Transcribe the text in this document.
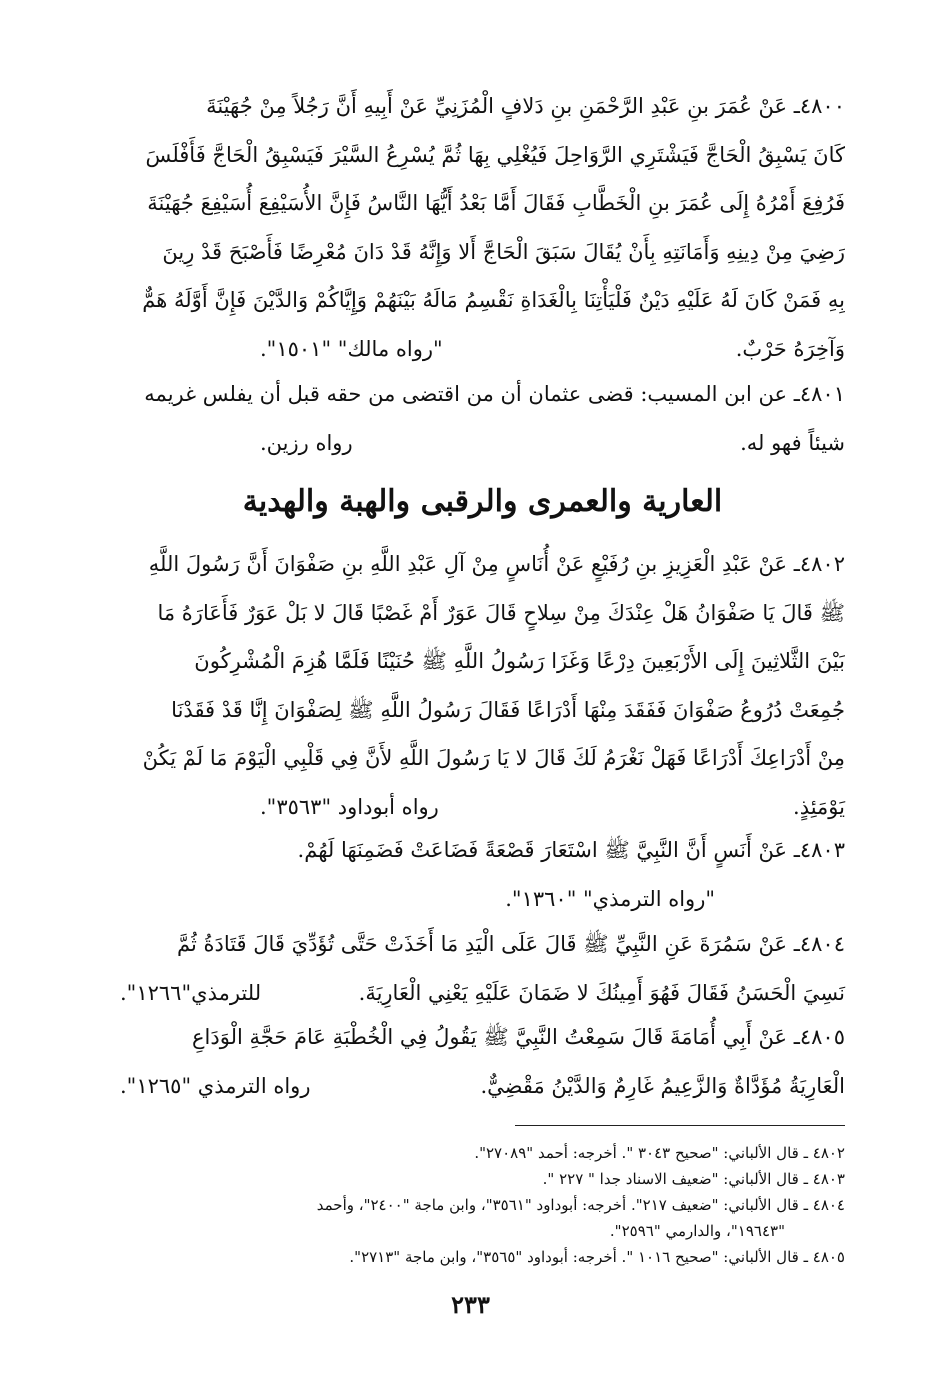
٤٨٠٠ـ عَنْ عُمَرَ بنِ عَبْدِ الرَّحْمَنِ بنِ دَلافٍ الْمُزَنِيِّ عَنْ أَبِيهِ أَنَّ رَجُلاً مِنْ جُهَيْنَةَ
كَانَ يَسْبِقُ الْحَاجَّ فَيَشْتَرِي الرَّوَاحِلَ فَيُغْلِي بِهَا ثُمَّ يُسْرِعُ السَّيْرَ فَيَسْبِقُ الْحَاجَّ فَأَفْلَسَ
فَرُفِعَ أَمْرُهُ إِلَى عُمَرَ بنِ الْخَطَّابِ فَقَالَ أَمَّا بَعْدُ أَيُّهَا النَّاسُ فَإِنَّ الأُسَيْفِعَ أُسَيْفِعَ جُهَيْنَةَ
رَضِيَ مِنْ دِينِهِ وَأَمَانَتِهِ بِأَنْ يُقَالَ سَبَقَ الْحَاجَّ أَلا وَإِنَّهُ قَدْ دَانَ مُعْرِضًا فَأَصْبَحَ قَدْ رِينَ
بِهِ فَمَنْ كَانَ لَهُ عَلَيْهِ دَيْنٌ فَلْيَأْتِنَا بِالْغَدَاةِ نَقْسِمُ مَالَهُ بَيْنَهُمْ وَإِيَّاكُمْ وَالدَّيْنَ فَإِنَّ أَوَّلَهُ هَمٌّ
وَآخِرَهُ حَرْبٌ.
"رواه مالك" "١٥٠١".
٤٨٠١ـ عن ابن المسيب: قضى عثمان أن من اقتضى من حقه قبل أن يفلس غريمه
شيئاً فهو له.
رواه رزين.
العارية والعمرى والرقبى والهبة والهدية
٤٨٠٢ـ عَنْ عَبْدِ الْعَزِيزِ بنِ رُفَيْعٍ عَنْ أُنَاسٍ مِنْ آلِ عَبْدِ اللَّهِ بنِ صَفْوَانَ أَنَّ رَسُولَ اللَّهِ
ﷺ قَالَ يَا صَفْوَانُ هَلْ عِنْدَكَ مِنْ سِلاحٍ قَالَ عَوَرٌ أَمْ غَصْبًا قَالَ لا بَلْ عَوَرٌ فَأَعَارَهُ مَا
بَيْنَ الثَّلاثِينَ إِلَى الأَرْبَعِينَ دِرْعًا وَغَزَا رَسُولُ اللَّهِ ﷺ حُنَيْنًا فَلَمَّا هُزِمَ الْمُشْرِكُونَ
جُمِعَتْ دُرُوعُ صَفْوَانَ فَفَقَدَ مِنْهَا أَدْرَاعًا فَقَالَ رَسُولُ اللَّهِ ﷺ لِصَفْوَانَ إِنَّا قَدْ فَقَدْنَا
مِنْ أَدْرَاعِكَ أَدْرَاعًا فَهَلْ نَغْرَمُ لَكَ قَالَ لا يَا رَسُولَ اللَّهِ لأَنَّ فِي قَلْبِي الْيَوْمَ مَا لَمْ يَكُنْ
يَوْمَئِذٍ.
رواه أبوداود "٣٥٦٣".
٤٨٠٣ـ عَنْ أَنَسٍ أَنَّ النَّبِيَّ ﷺ اسْتَعَارَ قَصْعَةً فَضَاعَتْ فَضَمِنَهَا لَهُمْ.
"رواه الترمذي" "١٣٦٠".
٤٨٠٤ـ عَنْ سَمُرَةَ عَنِ النَّبِيِّ ﷺ قَالَ عَلَى الْيَدِ مَا أَخَذَتْ حَتَّى تُؤَدِّيَ قَالَ قَتَادَةُ ثُمَّ
نَسِيَ الْحَسَنُ فَقَالَ فَهُوَ أَمِينُكَ لا ضَمَانَ عَلَيْهِ يَعْنِي الْعَارِيَةَ.
للترمذي"١٢٦٦".
٤٨٠٥ـ عَنْ أَبِي أُمَامَةَ قَالَ سَمِعْتُ النَّبِيَّ ﷺ يَقُولُ فِي الْخُطْبَةِ عَامَ حَجَّةِ الْوَدَاعِ
الْعَارِيَةُ مُؤَدَّاةٌ وَالزَّعِيمُ غَارِمٌ وَالدَّيْنُ مَقْضِيٌّ.
رواه الترمذي "١٢٦٥".
٤٨٠٢ ـ قال الألباني: "صحيح ٣٠٤٣ ". أخرجه: أحمد "٢٧٠٨٩".
٤٨٠٣ ـ قال الألباني: "ضعيف الاسناد جدا " ٢٢٧ ".
٤٨٠٤ ـ قال الألباني: "ضعيف ٢١٧". أخرجه: أبوداود "٣٥٦١"، وابن ماجة "٢٤٠٠"، وأحمد
"١٩٦٤٣"، والدارمي "٢٥٩٦".
٤٨٠٥ ـ قال الألباني: "صحيح ١٠١٦ ". أخرجه: أبوداود "٣٥٦٥"، وابن ماجة "٢٧١٣".
٢٣٣
